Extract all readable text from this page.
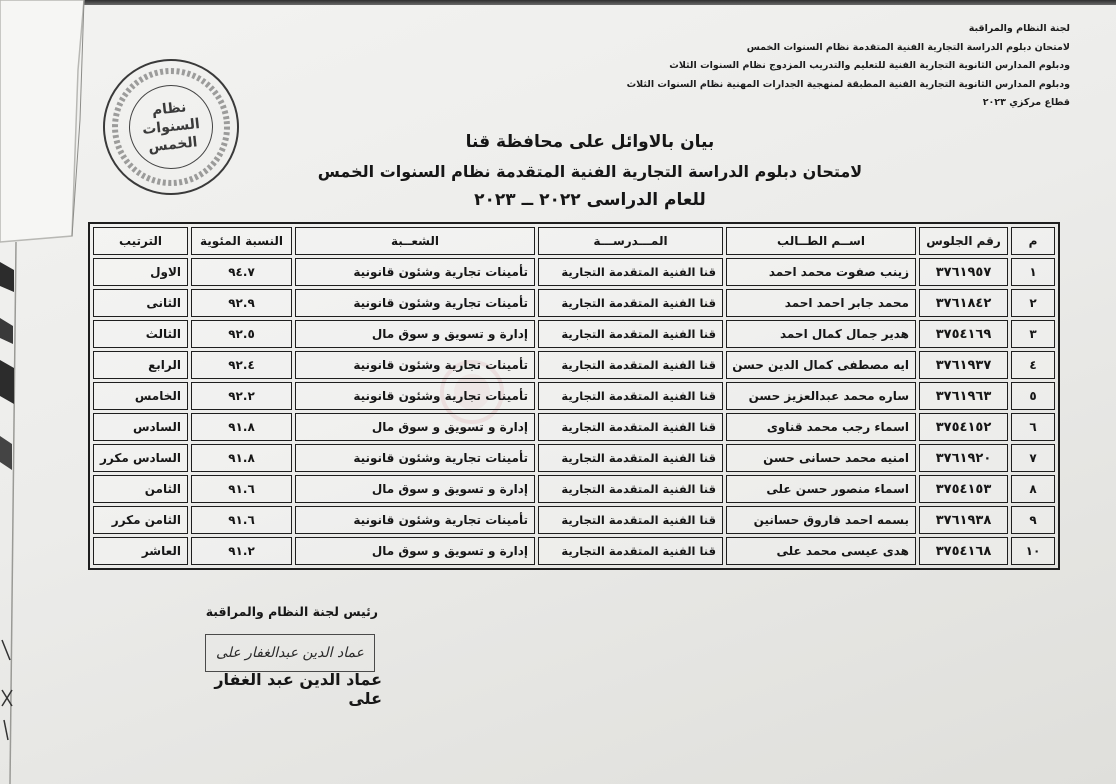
لجنة النظام والمراقبة
لامتحان دبلوم الدراسة التجارية الفنية المتقدمة نظام السنوات الخمس
ودبلوم المدارس الثانوية التجارية الفنية للتعليم والتدريب المزدوج نظام السنوات الثلاث
ودبلوم المدارس الثانوية التجارية الفنية المطبقة لمنهجية الجدارات المهنية نظام السنوات الثلاث
قطاع مركزي ٢٠٢٣
نظام
السنوات
الخمس	بيان بالاوائل على محافظة قنا
لامتحان دبلوم الدراسة التجارية الفنية المتقدمة نظام السنوات الخمس
للعام الدراسى ٢٠٢٢ ــ ٢٠٢٣
م	رقم الجلوس	اســم الطــالب	المـــدرســـة	الشعــبة	النسبة المئوية	الترتيب
١	٣٧٦١٩٥٧	زينب صفوت محمد احمد	قنا الفنية المتقدمة التجارية	تأمينات تجارية وشئون قانونية	٩٤.٧	الاول
٢	٣٧٦١٨٤٢	محمد جابر احمد احمد	قنا الفنية المتقدمة التجارية	تأمينات تجارية وشئون قانونية	٩٢.٩	الثانى
٣	٣٧٥٤١٦٩	هدير جمال كمال احمد	قنا الفنية المتقدمة التجارية	إدارة و تسويق و سوق مال	٩٢.٥	الثالث
٤	٣٧٦١٩٣٧	ايه مصطفى كمال الدين حسن	قنا الفنية المتقدمة التجارية	تأمينات تجارية وشئون قانونية	٩٢.٤	الرابع
٥	٣٧٦١٩٦٣	ساره محمد عبدالعزيز حسن	قنا الفنية المتقدمة التجارية	تأمينات تجارية وشئون قانونية	٩٢.٢	الخامس
٦	٣٧٥٤١٥٢	اسماء رجب محمد قناوى	قنا الفنية المتقدمة التجارية	إدارة و تسويق و سوق مال	٩١.٨	السادس
٧	٣٧٦١٩٢٠	امنيه محمد حسانى حسن	قنا الفنية المتقدمة التجارية	تأمينات تجارية وشئون قانونية	٩١.٨	السادس مكرر
٨	٣٧٥٤١٥٣	اسماء منصور حسن على	قنا الفنية المتقدمة التجارية	إدارة و تسويق و سوق مال	٩١.٦	الثامن
٩	٣٧٦١٩٣٨	بسمه احمد فاروق حسانين	قنا الفنية المتقدمة التجارية	تأمينات تجارية وشئون قانونية	٩١.٦	الثامن مكرر
١٠	٣٧٥٤١٦٨	هدى عيسى محمد على	قنا الفنية المتقدمة التجارية	إدارة و تسويق و سوق مال	٩١.٢	العاشر
رئيس لجنة النظام والمراقبة
عماد الدين عبدالغفار على
عماد الدين عبد الغفار على
